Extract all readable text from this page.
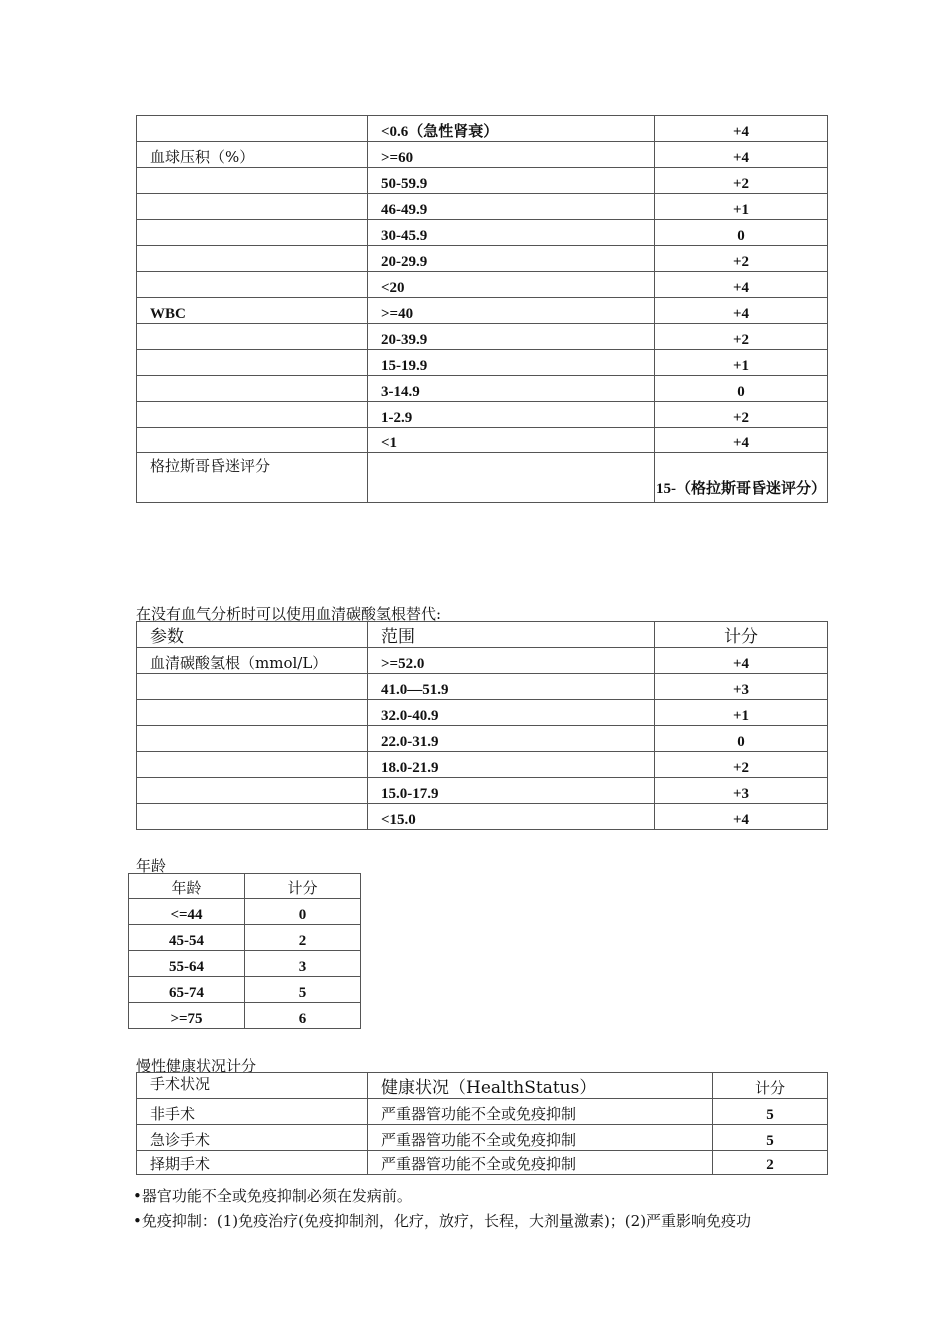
	<0.6（急性肾衰）	+4
血球压积（%）	>=60	+4
	50-59.9	+2
	46-49.9	+1
	30-45.9	0
	20-29.9	+2
	<20	+4
WBC	>=40	+4
	20-39.9	+2
	15-19.9	+1
	3-14.9	0
	1-2.9	+2
	<1	+4
格拉斯哥昏迷评分		15-（格拉斯哥昏迷评分）
在没有血气分析时可以使用血清碳酸氢根替代:
参数	范围	计分
血清碳酸氢根（mmol/L）	>=52.0	+4
	41.0—51.9	+3
	32.0-40.9	+1
	22.0-31.9	0
	18.0-21.9	+2
	15.0-17.9	+3
	<15.0	+4
年龄
年龄	计分
<=44	0
45-54	2
55-64	3
65-74	5
>=75	6
慢性健康状况计分
手术状况	健康状况（HealthStatus）	计分
非手术	严重器管功能不全或免疫抑制	5
急诊手术	严重器管功能不全或免疫抑制	5
择期手术	严重器管功能不全或免疫抑制	2
•器官功能不全或免疫抑制必须在发病前。
•免疫抑制：(1)免疫治疗(免疫抑制剂，化疗，放疗，长程，大剂量激素)；(2)严重影响免疫功
